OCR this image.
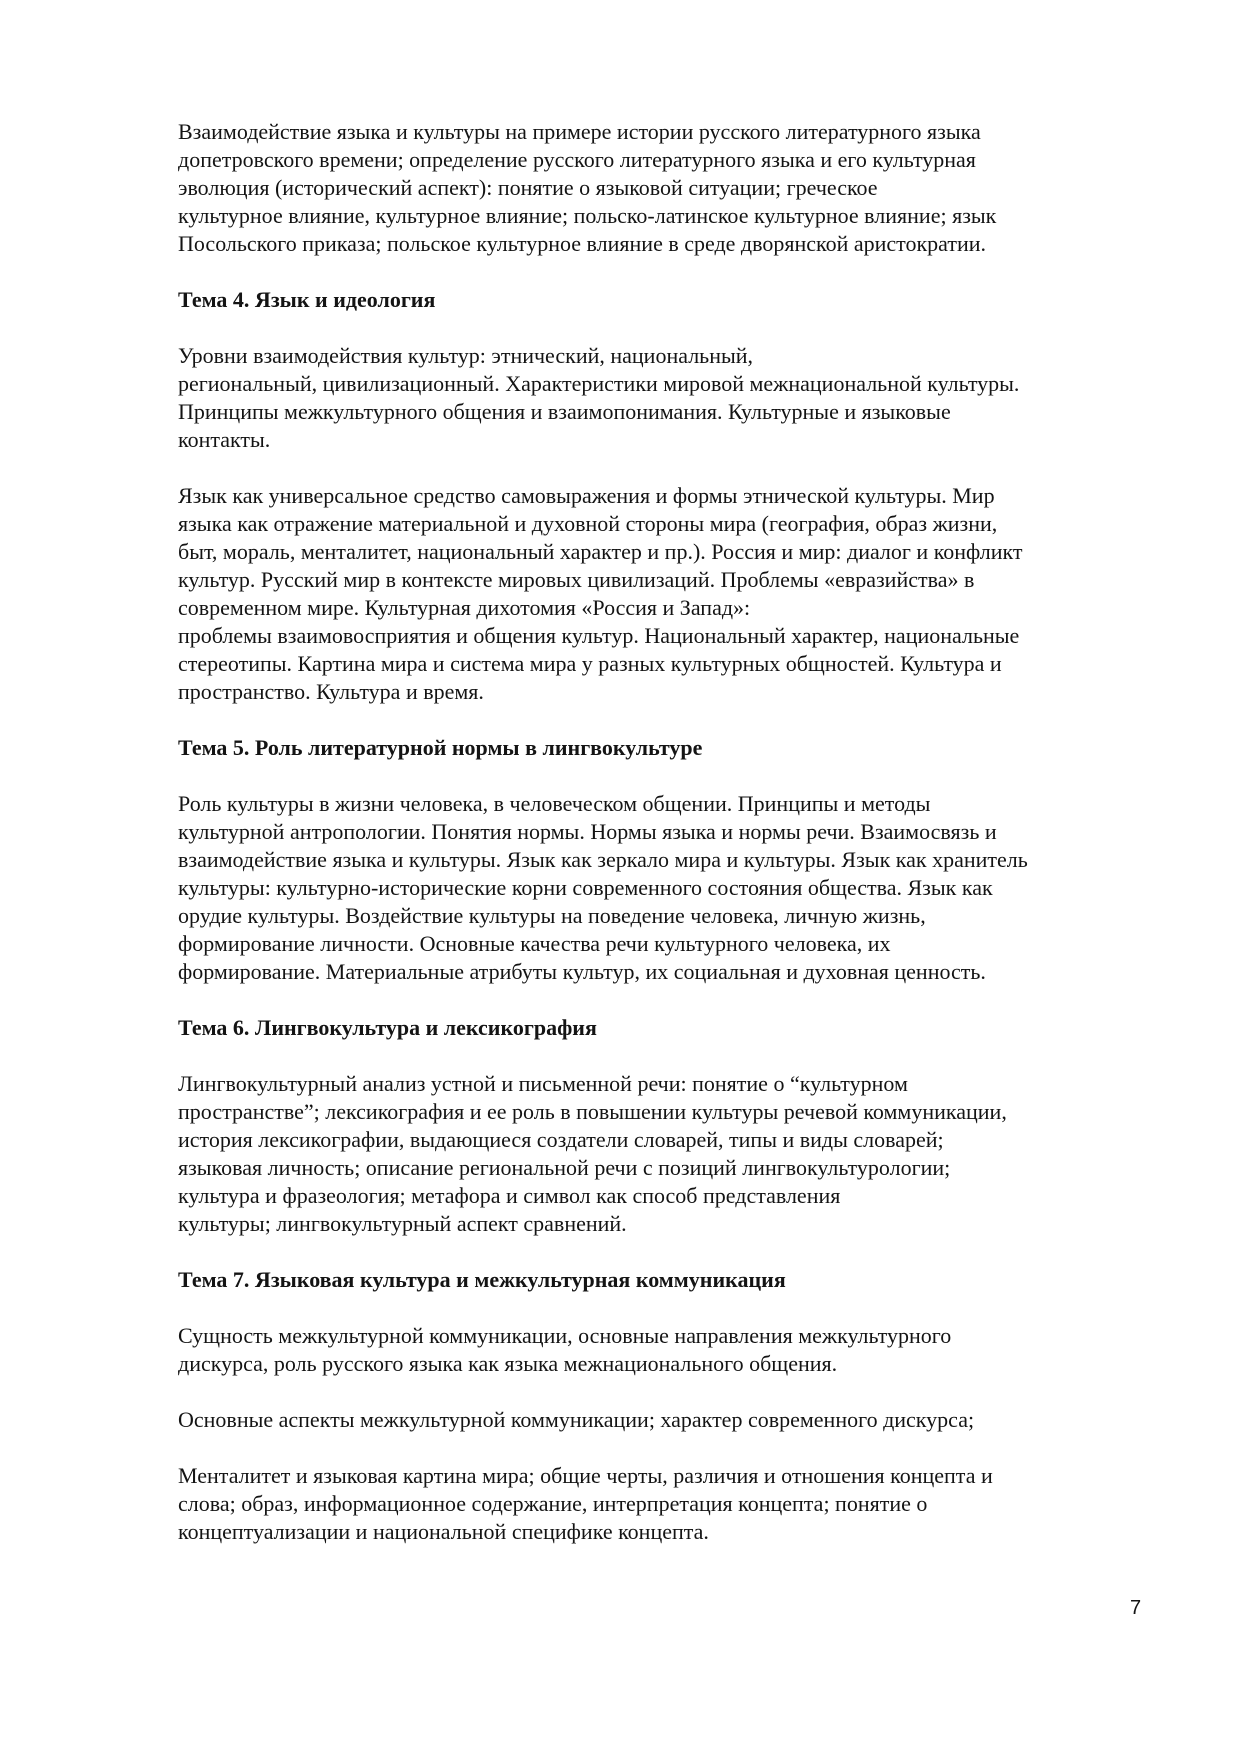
Взаимодействие языка и культуры на примере истории русского литературного языка
допетровского времени; определение русского литературного языка и его культурная
эволюция (исторический аспект): понятие о языковой ситуации; греческое
культурное влияние, культурное влияние; польско-латинское культурное влияние; язык
Посольского приказа; польское культурное влияние в среде дворянской аристократии.
Тема 4. Язык и идеология
Уровни взаимодействия культур: этнический, национальный,
региональный, цивилизационный. Характеристики мировой межнациональной культуры.
Принципы межкультурного общения и взаимопонимания. Культурные и языковые
контакты.
Язык как универсальное средство самовыражения и формы этнической культуры. Мир
языка как отражение материальной и духовной стороны мира (география, образ жизни,
быт, мораль, менталитет, национальный характер и пр.). Россия и мир: диалог и конфликт
культур. Русский мир в контексте мировых цивилизаций. Проблемы «евразийства» в
современном мире. Культурная дихотомия «Россия и Запад»:
проблемы взаимовосприятия и общения культур. Национальный характер, национальные
стереотипы. Картина мира и система мира у разных культурных общностей. Культура и
пространство. Культура и время.
Тема 5. Роль литературной нормы в лингвокультуре
Роль культуры в жизни человека, в человеческом общении. Принципы и методы
культурной антропологии. Понятия нормы. Нормы языка и нормы речи. Взаимосвязь и
взаимодействие языка и культуры. Язык как зеркало мира и культуры. Язык как хранитель
культуры: культурно-исторические корни современного состояния общества. Язык как
орудие культуры. Воздействие культуры на поведение человека, личную жизнь,
формирование личности. Основные качества речи культурного человека, их
формирование. Материальные атрибуты культур, их социальная и духовная ценность.
Тема 6. Лингвокультура и лексикография
Лингвокультурный анализ устной и письменной речи: понятие о “культурном
пространстве”; лексикография и ее роль в повышении культуры речевой коммуникации,
история лексикографии, выдающиеся создатели словарей, типы и виды словарей;
языковая личность; описание региональной речи с позиций лингвокультурологии;
культура и фразеология; метафора и символ как способ представления
культуры; лингвокультурный аспект сравнений.
Тема 7. Языковая культура и межкультурная коммуникация
Сущность межкультурной коммуникации, основные направления межкультурного
дискурса, роль русского языка как языка межнационального общения.
Основные аспекты межкультурной коммуникации; характер современного дискурса;
Менталитет и языковая картина мира; общие черты, различия и отношения концепта и
слова; образ, информационное содержание, интерпретация концепта; понятие о
концептуализации и национальной специфике концепта.
7
